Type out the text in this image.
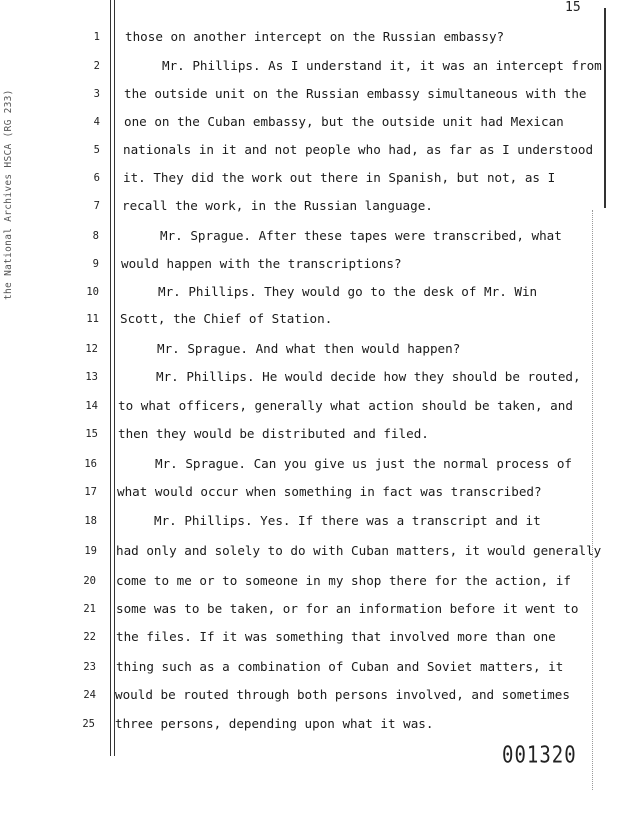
the National Archives HSCA (RG 233)
15
1 those on another intercept on the Russian embassy?
2	Mr. Phillips. As I understand it, it was an intercept from
3 the outside unit on the Russian embassy simultaneous with the
4 one on the Cuban embassy, but the outside unit had Mexican
5 nationals in it and not people who had, as far as I understood
6 it. They did the work out there in Spanish, but not, as I
7 recall the work, in the Russian language.
8	Mr. Sprague. After these tapes were transcribed, what
9 would happen with the transcriptions?
10	Mr. Phillips. They would go to the desk of Mr. Win
11 Scott, the Chief of Station.
12	Mr. Sprague. And what then would happen?
13	Mr. Phillips. He would decide how they should be routed,
14 to what officers, generally what action should be taken, and
15 then they would be distributed and filed.
16	Mr. Sprague. Can you give us just the normal process of
17 what would occur when something in fact was transcribed?
18	Mr. Phillips. Yes. If there was a transcript and it
19 had only and solely to do with Cuban matters, it would generally
20 come to me or to someone in my shop there for the action, if
21 some was to be taken, or for an information before it went to
22 the files. If it was something that involved more than one
23 thing such as a combination of Cuban and Soviet matters, it
24 would be routed through both persons involved, and sometimes
25 three persons, depending upon what it was.
001320
